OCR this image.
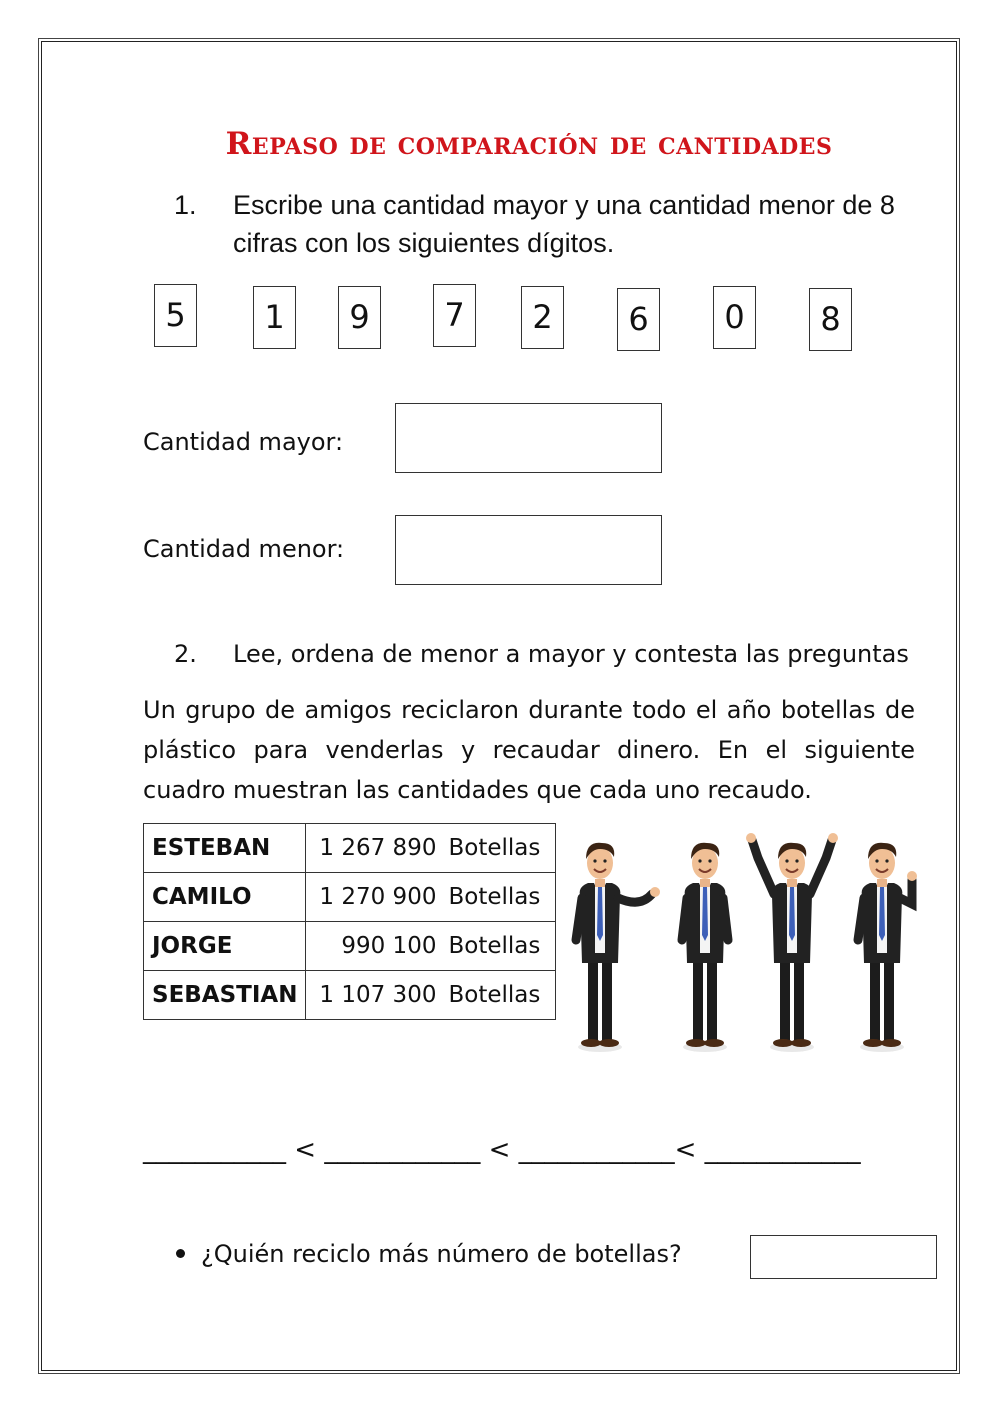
Repaso de comparación de cantidades
1. Escribe una cantidad mayor y una cantidad menor de 8 cifras con los siguientes dígitos.
5	1	9	7	2	6	0	8
Cantidad mayor:
Cantidad menor:
2. Lee, ordena de menor a mayor y contesta las preguntas
Un grupo de amigos reciclaron durante todo el año botellas de plástico para venderlas y recaudar dinero. En el siguiente cuadro muestran las cantidades que cada uno recaudo.
ESTEBAN	1 267 890 Botellas
CAMILO	1 270 900 Botellas
JORGE	990 100 Botellas
SEBASTIAN	1 107 300 Botellas
___________ < ____________ < ____________< ____________
¿Quién reciclo más número de botellas?
